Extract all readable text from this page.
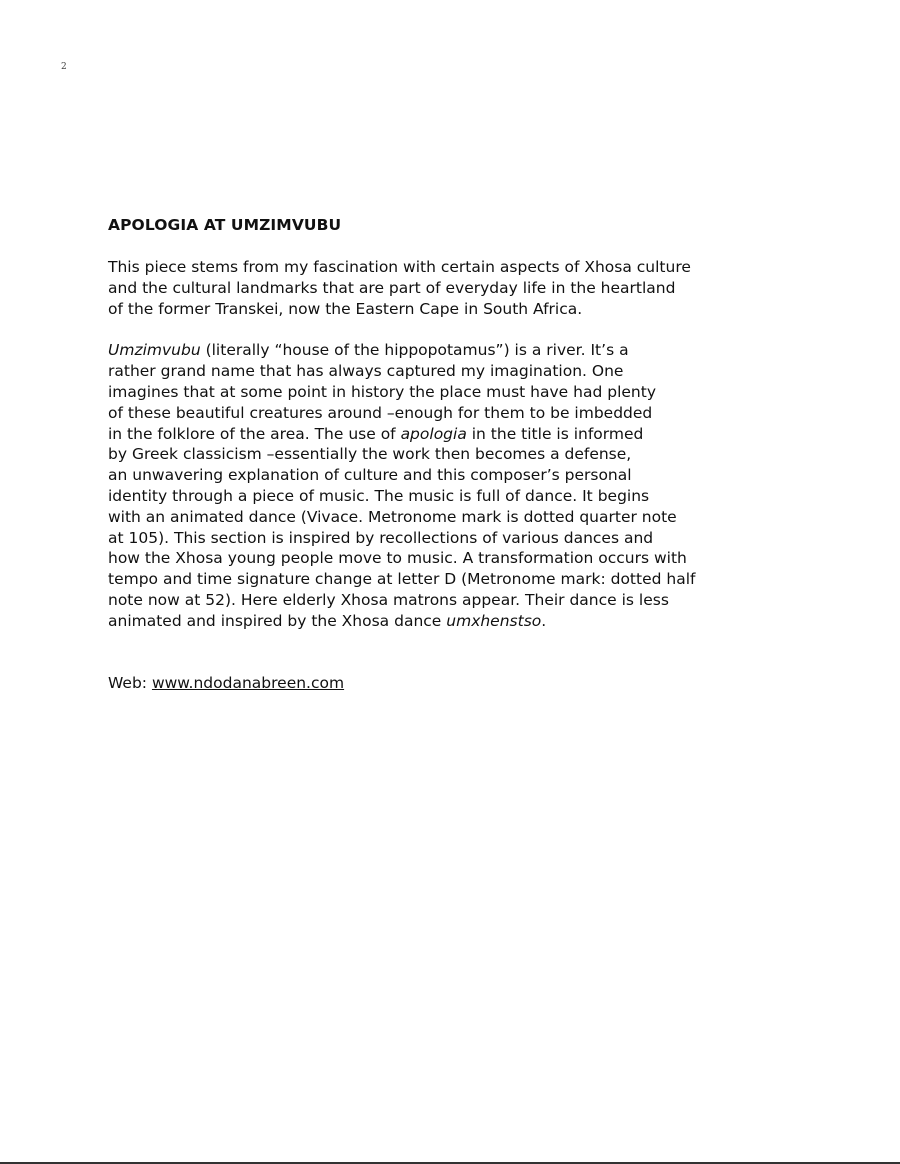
2
APOLOGIA AT UMZIMVUBU

This piece stems from my fascination with certain aspects of Xhosa culture
and the cultural landmarks that are part of everyday life in the heartland
of the former Transkei, now the Eastern Cape in South Africa.

Umzimvubu (literally “house of the hippopotamus”) is a river. It’s a
rather grand name that has always captured my imagination. One
imagines that at some point in history the place must have had plenty
of these beautiful creatures around –enough for them to be imbedded
in the folklore of the area. The use of apologia in the title is informed
by Greek classicism –essentially the work then becomes a defense,
an unwavering explanation of culture and this composer’s personal
identity through a piece of music. The music is full of dance. It begins
with an animated dance (Vivace. Metronome mark is dotted quarter note
at 105). This section is inspired by recollections of various dances and
how the Xhosa young people move to music. A transformation occurs with
tempo and time signature change at letter D (Metronome mark: dotted half
note now at 52). Here elderly Xhosa matrons appear. Their dance is less
animated and inspired by the Xhosa dance umxhenstso.

Web: www.ndodanabreen.com
